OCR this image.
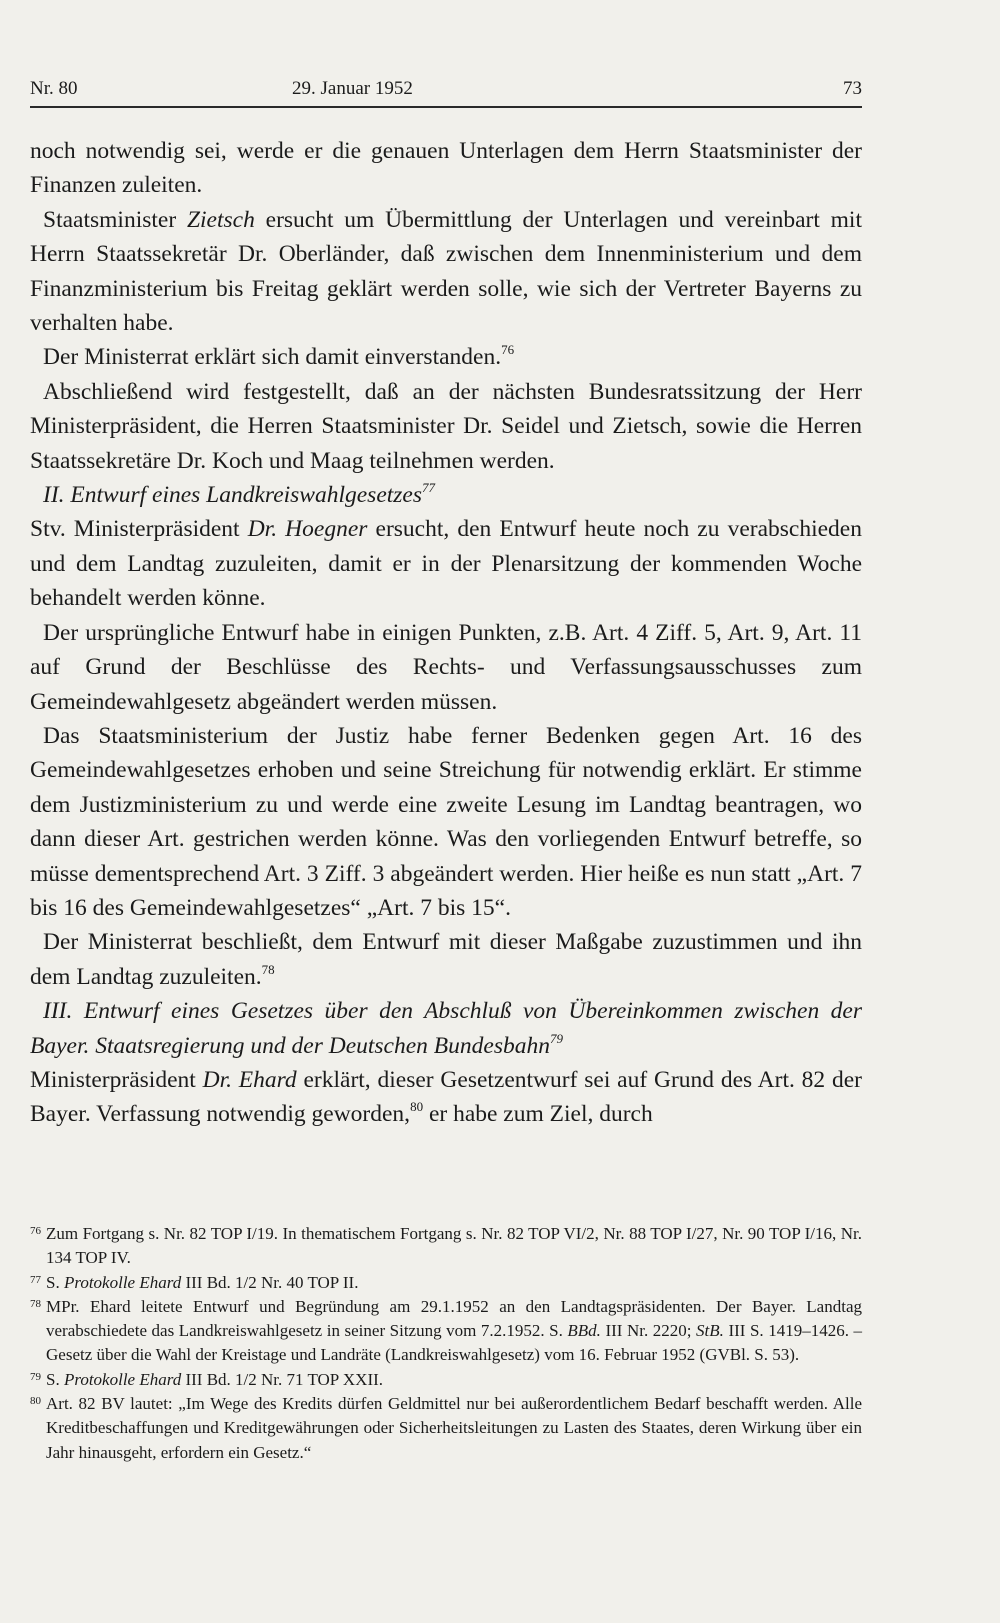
Nr. 80	29. Januar 1952	73

noch notwendig sei, werde er die genauen Unterlagen dem Herrn Staatsminister der Finanzen zuleiten.

Staatsminister Zietsch ersucht um Übermittlung der Unterlagen und vereinbart mit Herrn Staatssekretär Dr. Oberländer, daß zwischen dem Innenministerium und dem Finanzministerium bis Freitag geklärt werden solle, wie sich der Vertreter Bayerns zu verhalten habe.

Der Ministerrat erklärt sich damit einverstanden.$^{76}$

Abschließend wird festgestellt, daß an der nächsten Bundesratssitzung der Herr Ministerpräsident, die Herren Staatsminister Dr. Seidel und Zietsch, sowie die Herren Staatssekretäre Dr. Koch und Maag teilnehmen werden.

II. Entwurf eines Landkreiswahlgesetzes$^{77}$

Stv. Ministerpräsident Dr. Hoegner ersucht, den Entwurf heute noch zu verabschieden und dem Landtag zuzuleiten, damit er in der Plenarsitzung der kommenden Woche behandelt werden könne.

Der ursprüngliche Entwurf habe in einigen Punkten, z.B. Art. 4 Ziff. 5, Art. 9, Art. 11 auf Grund der Beschlüsse des Rechts- und Verfassungsausschusses zum Gemeindewahlgesetz abgeändert werden müssen.

Das Staatsministerium der Justiz habe ferner Bedenken gegen Art. 16 des Gemeindewahlgesetzes erhoben und seine Streichung für notwendig erklärt. Er stimme dem Justizministerium zu und werde eine zweite Lesung im Landtag beantragen, wo dann dieser Art. gestrichen werden könne. Was den vorliegenden Entwurf betreffe, so müsse dementsprechend Art. 3 Ziff. 3 abgeändert werden. Hier heiße es nun statt „Art. 7 bis 16 des Gemeindewahlgesetzes“ „Art. 7 bis 15“.

Der Ministerrat beschließt, dem Entwurf mit dieser Maßgabe zuzustimmen und ihn dem Landtag zuzuleiten.$^{78}$

III. Entwurf eines Gesetzes über den Abschluß von Übereinkommen zwischen der Bayer. Staatsregierung und der Deutschen Bundesbahn$^{79}$

Ministerpräsident Dr. Ehard erklärt, dieser Gesetzentwurf sei auf Grund des Art. 82 der Bayer. Verfassung notwendig geworden,$^{80}$ er habe zum Ziel, durch

76 Zum Fortgang s. Nr. 82 TOP I/19. In thematischem Fortgang s. Nr. 82 TOP VI/2, Nr. 88 TOP I/27, Nr. 90 TOP I/16, Nr. 134 TOP IV.

77 S. Protokolle Ehard III Bd. 1/2 Nr. 40 TOP II.

78 MPr. Ehard leitete Entwurf und Begründung am 29.1.1952 an den Landtagspräsidenten. Der Bayer. Landtag verabschiedete das Landkreiswahlgesetz in seiner Sitzung vom 7.2.1952. S. BBd. III Nr. 2220; StB. III S. 1419–1426. – Gesetz über die Wahl der Kreistage und Landräte (Landkreiswahlgesetz) vom 16. Februar 1952 (GVBl. S. 53).

79 S. Protokolle Ehard III Bd. 1/2 Nr. 71 TOP XXII.

80 Art. 82 BV lautet: „Im Wege des Kredits dürfen Geldmittel nur bei außerordentlichem Bedarf beschafft werden. Alle Kreditbeschaffungen und Kreditgewährungen oder Sicherheitsleitungen zu Lasten des Staates, deren Wirkung über ein Jahr hinausgeht, erfordern ein Gesetz.“
